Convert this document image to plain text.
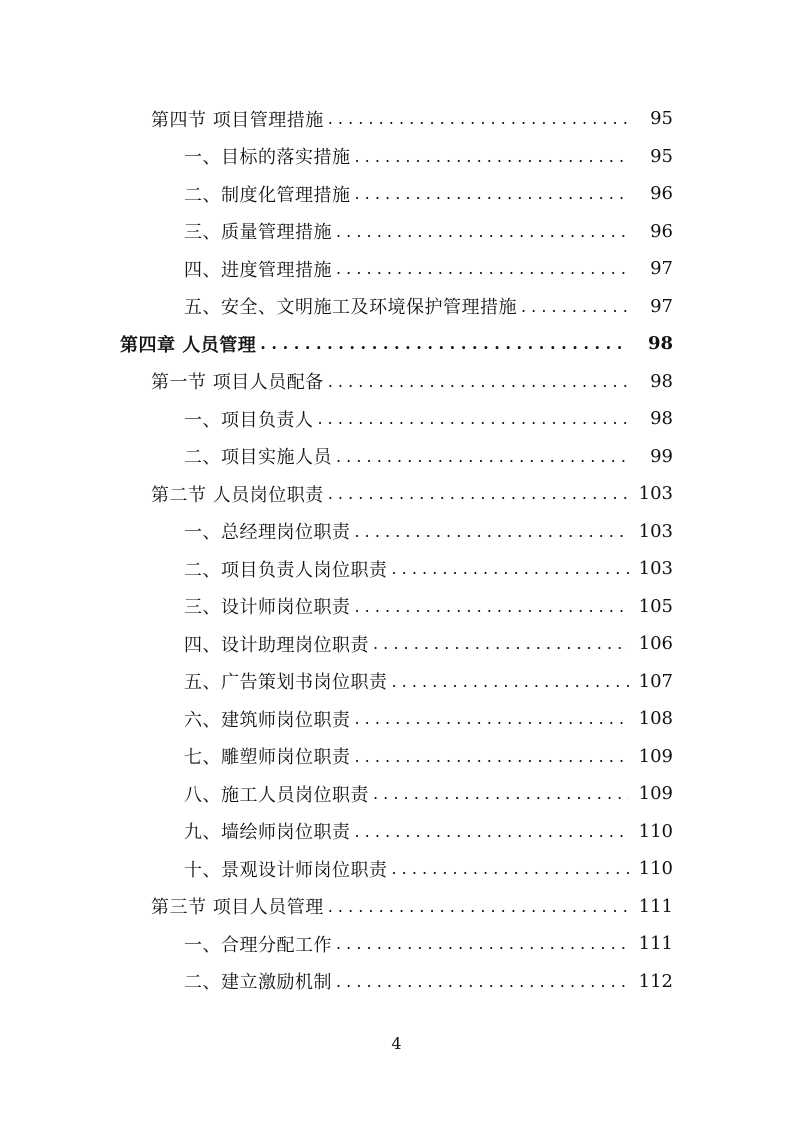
第四节 项目管理措施 . . .	95
一、目标的落实措施 . . .	95
二、制度化管理措施 . . .	96
三、质量管理措施 . . .	96
四、进度管理措施 . . .	97
五、安全、文明施工及环境保护管理措施 . . .	97
第四章 人员管理 . . .	98
第一节 项目人员配备 . . .	98
一、项目负责人 . . .	98
二、项目实施人员 . . .	99
第二节 人员岗位职责 . . .	103
一、总经理岗位职责 . . .	103
二、项目负责人岗位职责 . . .	103
三、设计师岗位职责 . . .	105
四、设计助理岗位职责 . . .	106
五、广告策划书岗位职责 . . .	107
六、建筑师岗位职责 . . .	108
七、雕塑师岗位职责 . . .	109
八、施工人员岗位职责 . . .	109
九、墙绘师岗位职责 . . .	110
十、景观设计师岗位职责 . . .	110
第三节 项目人员管理 . . .	111
一、合理分配工作 . . .	111
二、建立激励机制 . . .	112
4
